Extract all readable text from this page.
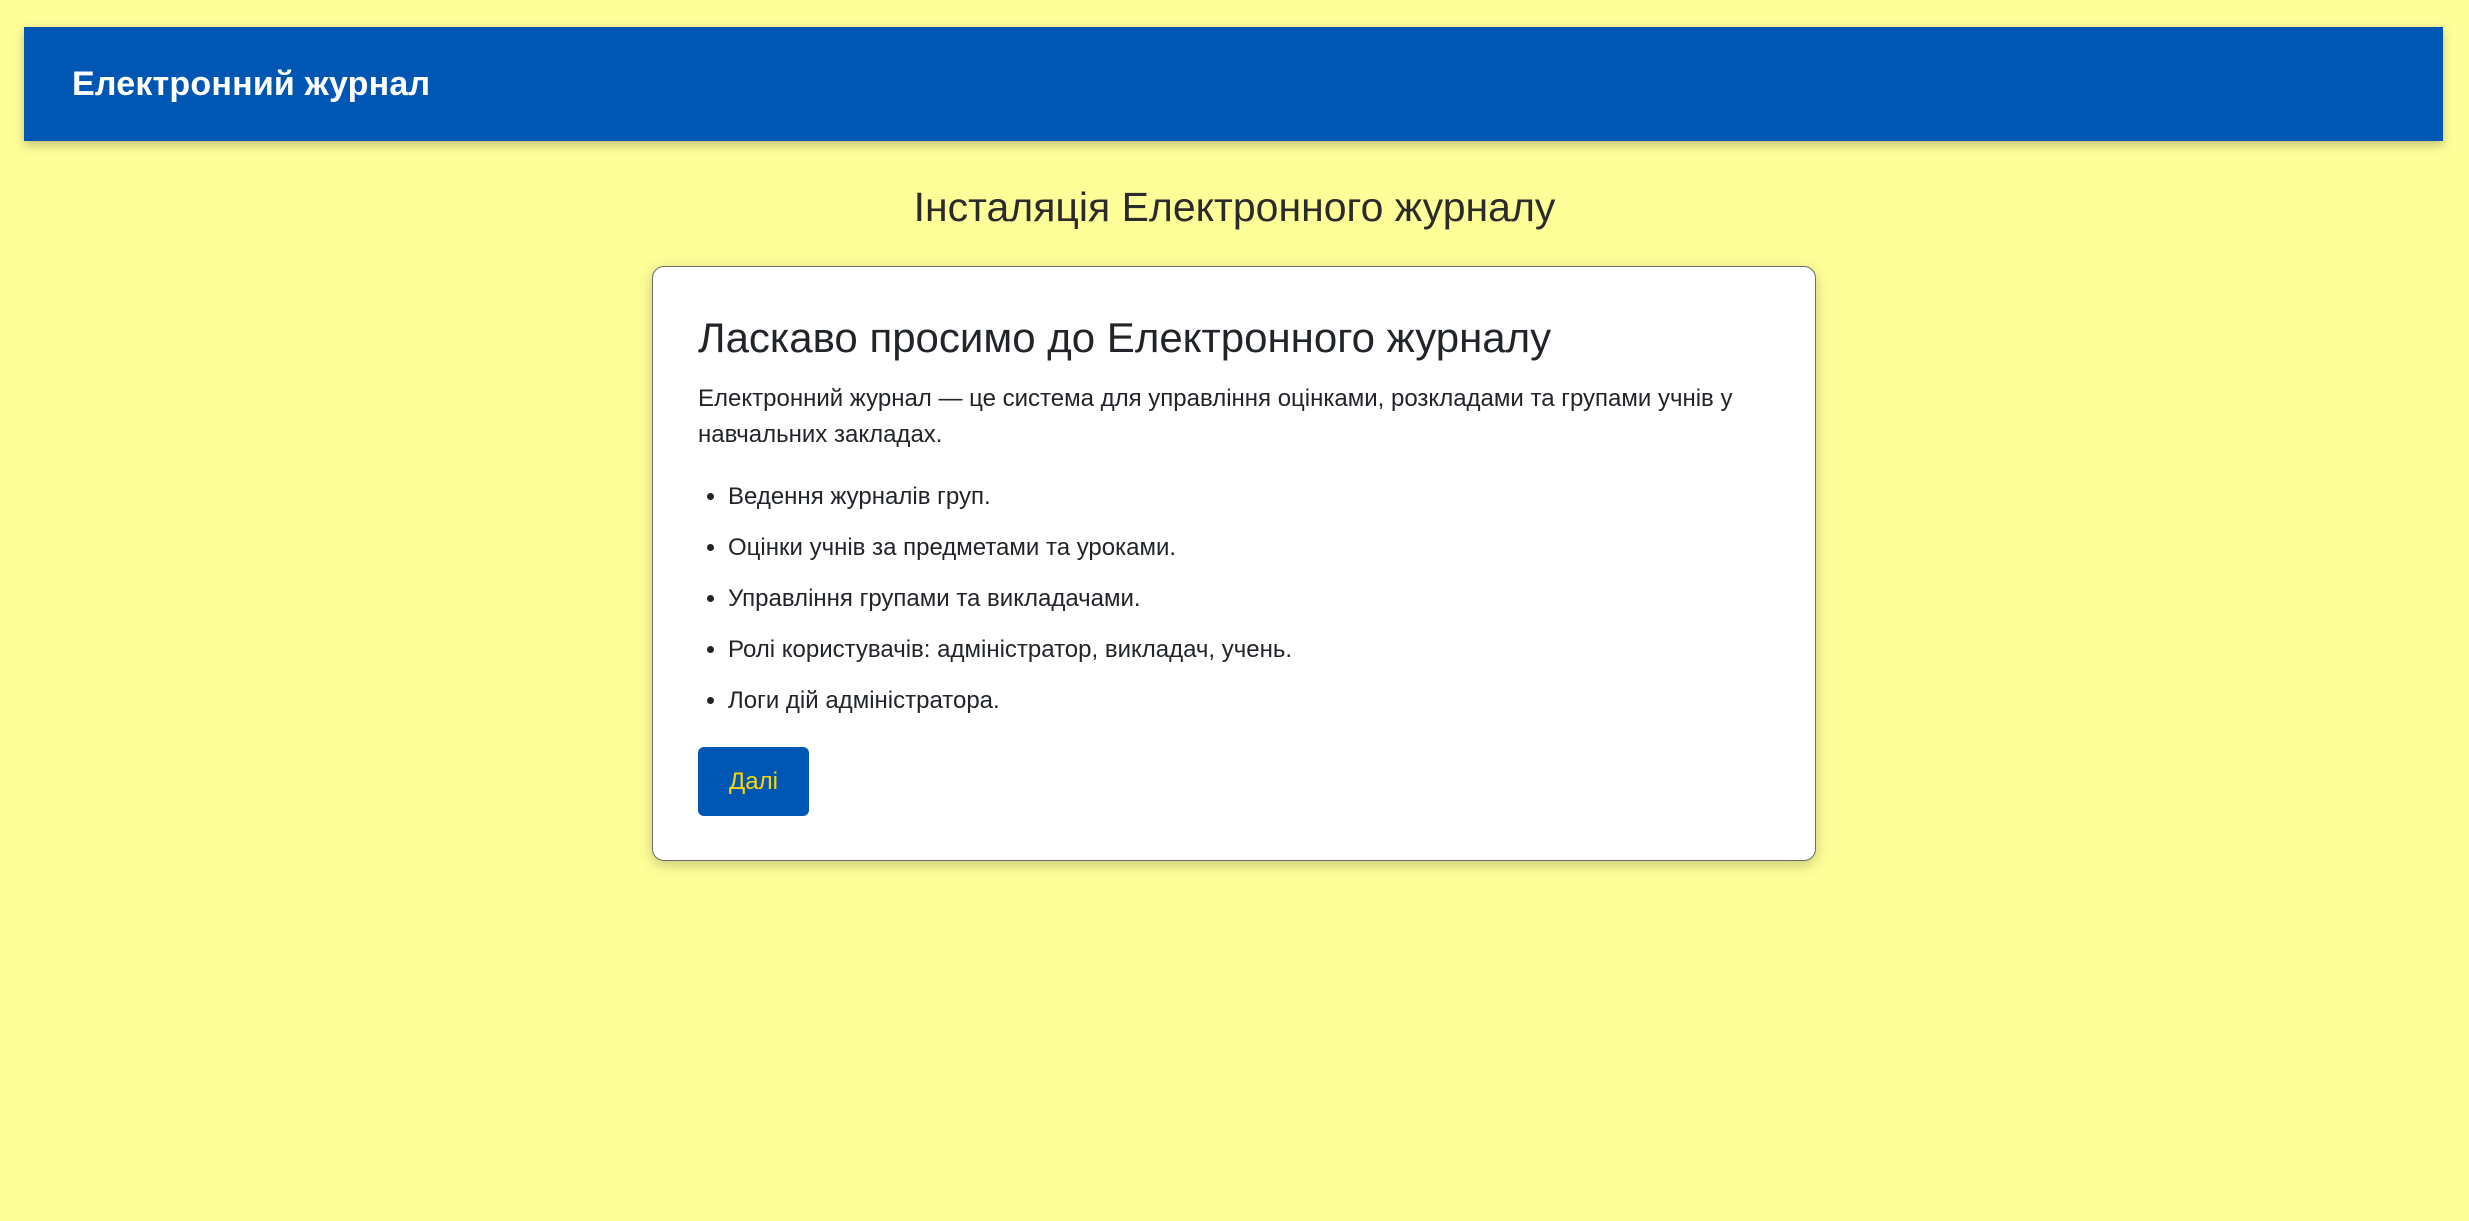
Електронний журнал
Інсталяція Електронного журналу
Ласкаво просимо до Електронного журналу

Електронний журнал — це система для управління оцінками, розкладами та групами учнів у навчальних закладах.

• Ведення журналів груп.
• Оцінки учнів за предметами та уроками.
• Управління групами та викладачами.
• Ролі користувачів: адміністратор, викладач, учень.
• Логи дій адміністратора.
Далі
